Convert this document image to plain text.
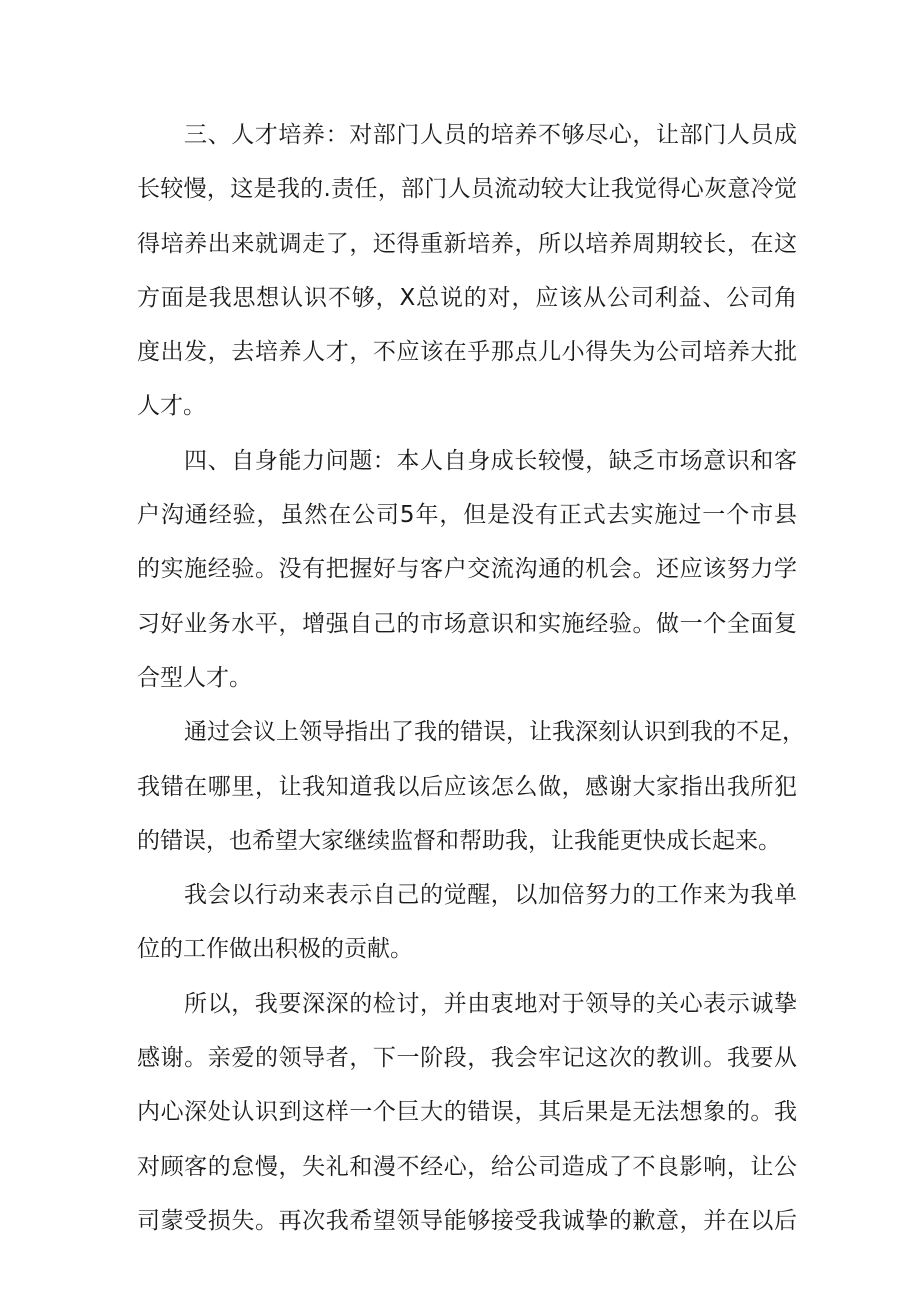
三、人才培养：对部门人员的培养不够尽心，让部门人员成
长较慢，这是我的.责任，部门人员流动较大让我觉得心灰意冷觉
得培养出来就调走了，还得重新培养，所以培养周期较长，在这
方面是我思想认识不够，X总说的对，应该从公司利益、公司角
度出发，去培养人才，不应该在乎那点儿小得失为公司培养大批
人才。
四、自身能力问题：本人自身成长较慢，缺乏市场意识和客
户沟通经验，虽然在公司5年，但是没有正式去实施过一个市县
的实施经验。没有把握好与客户交流沟通的机会。还应该努力学
习好业务水平，增强自己的市场意识和实施经验。做一个全面复
合型人才。
通过会议上领导指出了我的错误，让我深刻认识到我的不足，
我错在哪里，让我知道我以后应该怎么做，感谢大家指出我所犯
的错误，也希望大家继续监督和帮助我，让我能更快成长起来。
我会以行动来表示自己的觉醒，以加倍努力的工作来为我单
位的工作做出积极的贡献。
所以，我要深深的检讨，并由衷地对于领导的关心表示诚挚
感谢。亲爱的领导者，下一阶段，我会牢记这次的教训。我要从
内心深处认识到这样一个巨大的错误，其后果是无法想象的。我
对顾客的怠慢，失礼和漫不经心，给公司造成了不良影响，让公
司蒙受损失。再次我希望领导能够接受我诚挚的歉意，并在以后
